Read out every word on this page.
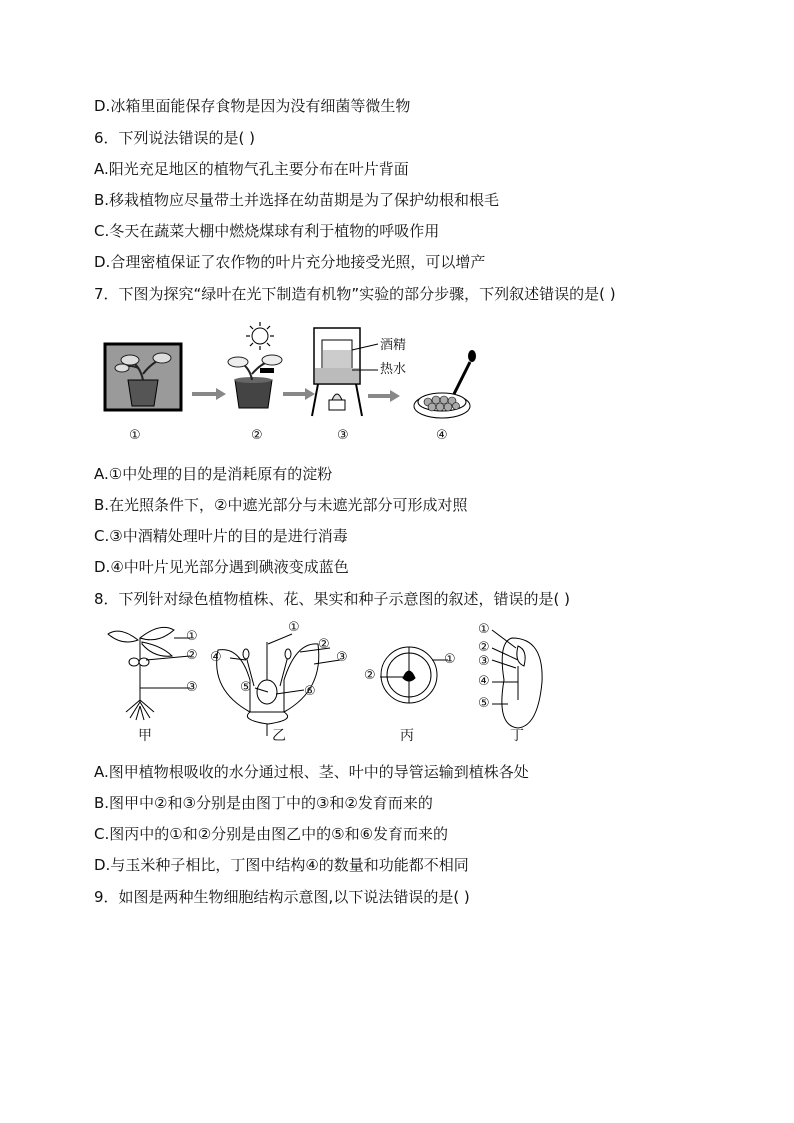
D.冰箱里面能保存食物是因为没有细菌等微生物
6．下列说法错误的是( )
A.阳光充足地区的植物气孔主要分布在叶片背面
B.移栽植物应尽量带土并选择在幼苗期是为了保护幼根和根毛
C.冬天在蔬菜大棚中燃烧煤球有利于植物的呼吸作用
D.合理密植保证了农作物的叶片充分地接受光照，可以增产
7．下图为探究“绿叶在光下制造有机物”实验的部分步骤，下列叙述错误的是( )
酒精
热水
①	②	③	④
A.①中处理的目的是消耗原有的淀粉
B.在光照条件下，②中遮光部分与未遮光部分可形成对照
C.③中酒精处理叶片的目的是进行消毒
D.④中叶片见光部分遇到碘液变成蓝色
8．下列针对绿色植物植株、花、果实和种子示意图的叙述，错误的是( )
①
②
③
①
②
③
④
⑤	⑥
①
②
①
②
③
④
⑤
甲	乙	丙	丁
A.图甲植物根吸收的水分通过根、茎、叶中的导管运输到植株各处
B.图甲中②和③分别是由图丁中的③和②发育而来的
C.图丙中的①和②分别是由图乙中的⑤和⑥发育而来的
D.与玉米种子相比，丁图中结构④的数量和功能都不相同
9．如图是两种生物细胞结构示意图,以下说法错误的是( )
